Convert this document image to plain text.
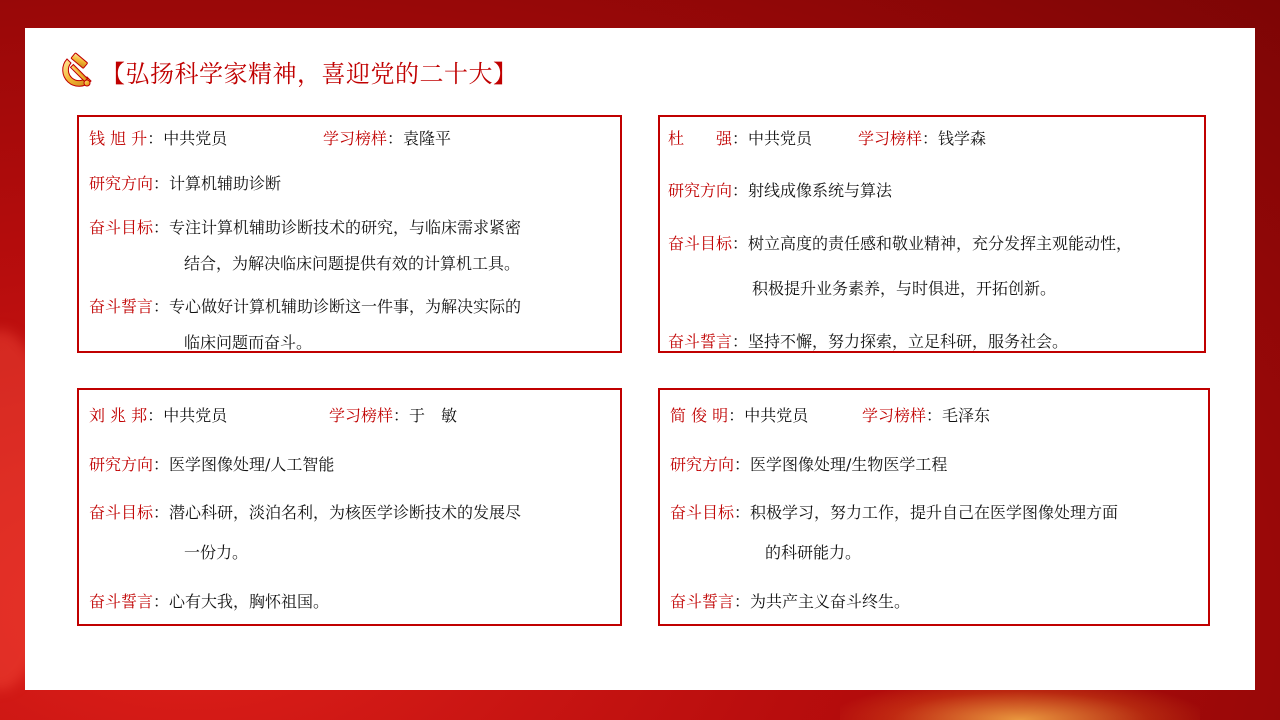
【弘扬科学家精神，喜迎党的二十大】
钱 旭 升：中共党员	学习榜样：袁隆平
研究方向：计算机辅助诊断
奋斗目标：专注计算机辅助诊断技术的研究，与临床需求紧密
结合，为解决临床问题提供有效的计算机工具。
奋斗誓言：专心做好计算机辅助诊断这一件事，为解决实际的
临床问题而奋斗。
杜　　强：中共党员	学习榜样：钱学森
研究方向：射线成像系统与算法
奋斗目标：树立高度的责任感和敬业精神，充分发挥主观能动性，
积极提升业务素养，与时俱进，开拓创新。
奋斗誓言：坚持不懈，努力探索，立足科研，服务社会。
刘 兆 邦：中共党员	学习榜样：于　敏
研究方向：医学图像处理/人工智能
奋斗目标：潜心科研，淡泊名利，为核医学诊断技术的发展尽
一份力。
奋斗誓言：心有大我，胸怀祖国。
简 俊 明：中共党员	学习榜样：毛泽东
研究方向：医学图像处理/生物医学工程
奋斗目标：积极学习，努力工作，提升自己在医学图像处理方面
的科研能力。
奋斗誓言：为共产主义奋斗终生。
